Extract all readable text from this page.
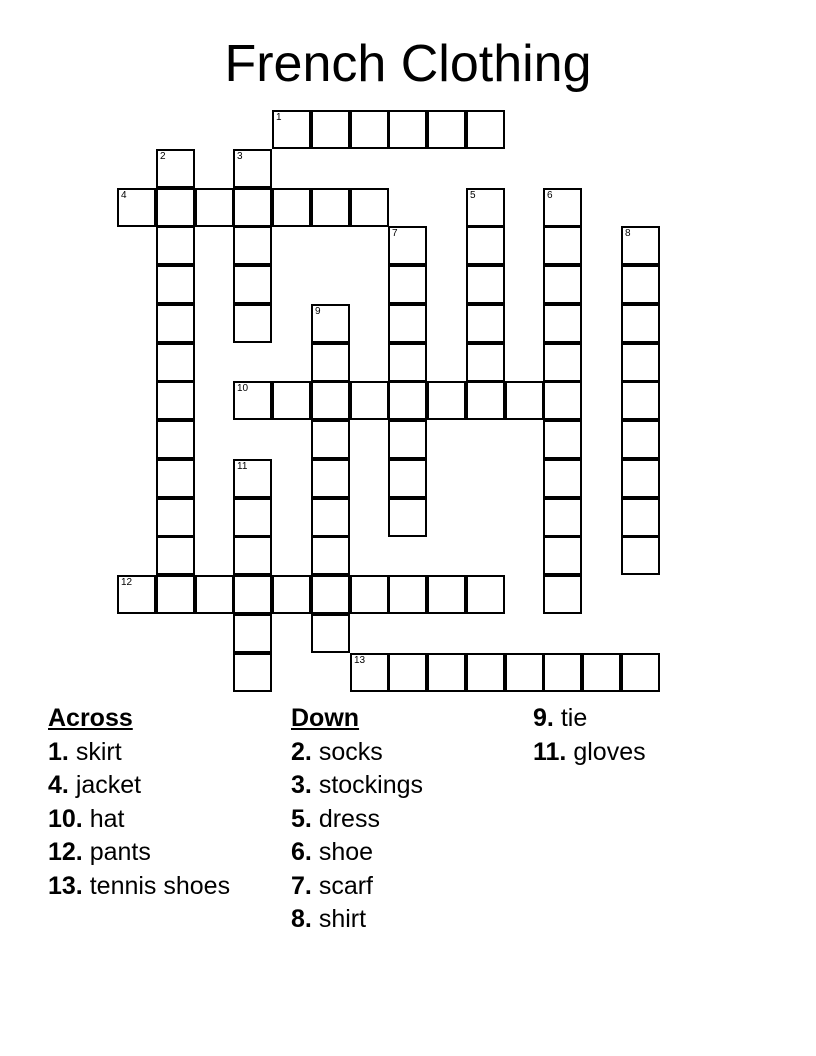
French Clothing
1
2	3
4	5	6
7	8
9
10
11
12
13
Across
1. skirt
4. jacket
10. hat
12. pants
13. tennis shoes
Down
2. socks
3. stockings
5. dress
6. shoe
7. scarf
8. shirt
9. tie
11. gloves
